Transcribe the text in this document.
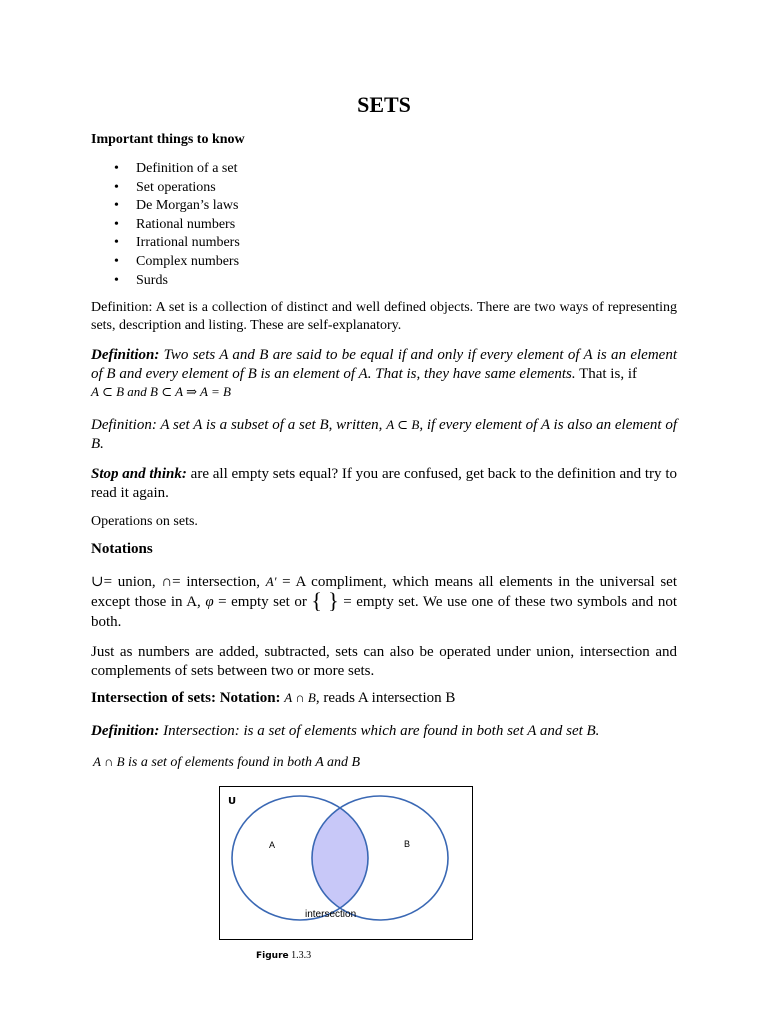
SETS

Important things to know

• Definition of a set
• Set operations
• De Morgan’s laws
• Rational numbers
• Irrational numbers
• Complex numbers
• Surds

Definition: A set is a collection of distinct and well defined objects. There are two ways of representing sets, description and listing. These are self-explanatory.

Definition: Two sets A and B are said to be equal if and only if every element of A is an element of B and every element of B is an element of A. That is, they have same elements. That is, if
A ⊂ B and B ⊂ A ⇒ A = B

Definition: A set A is a subset of a set B, written, A ⊂ B, if every element of A is also an element of B.

Stop and think: are all empty sets equal? If you are confused, get back to the definition and try to read it again.

Operations on sets.

Notations

∪= union, ∩= intersection, A' = A compliment, which means all elements in the universal set except those in A, φ = empty set or { } = empty set. We use one of these two symbols and not both.

Just as numbers are added, subtracted, sets can also be operated under union, intersection and complements of sets between two or more sets.

Intersection of sets: Notation: A ∩ B, reads A intersection B

Definition: Intersection: is a set of elements which are found in both set A and set B.

A ∩ B is a set of elements found in both A and B

U
A	B
intersection

Figure 1.3.3
